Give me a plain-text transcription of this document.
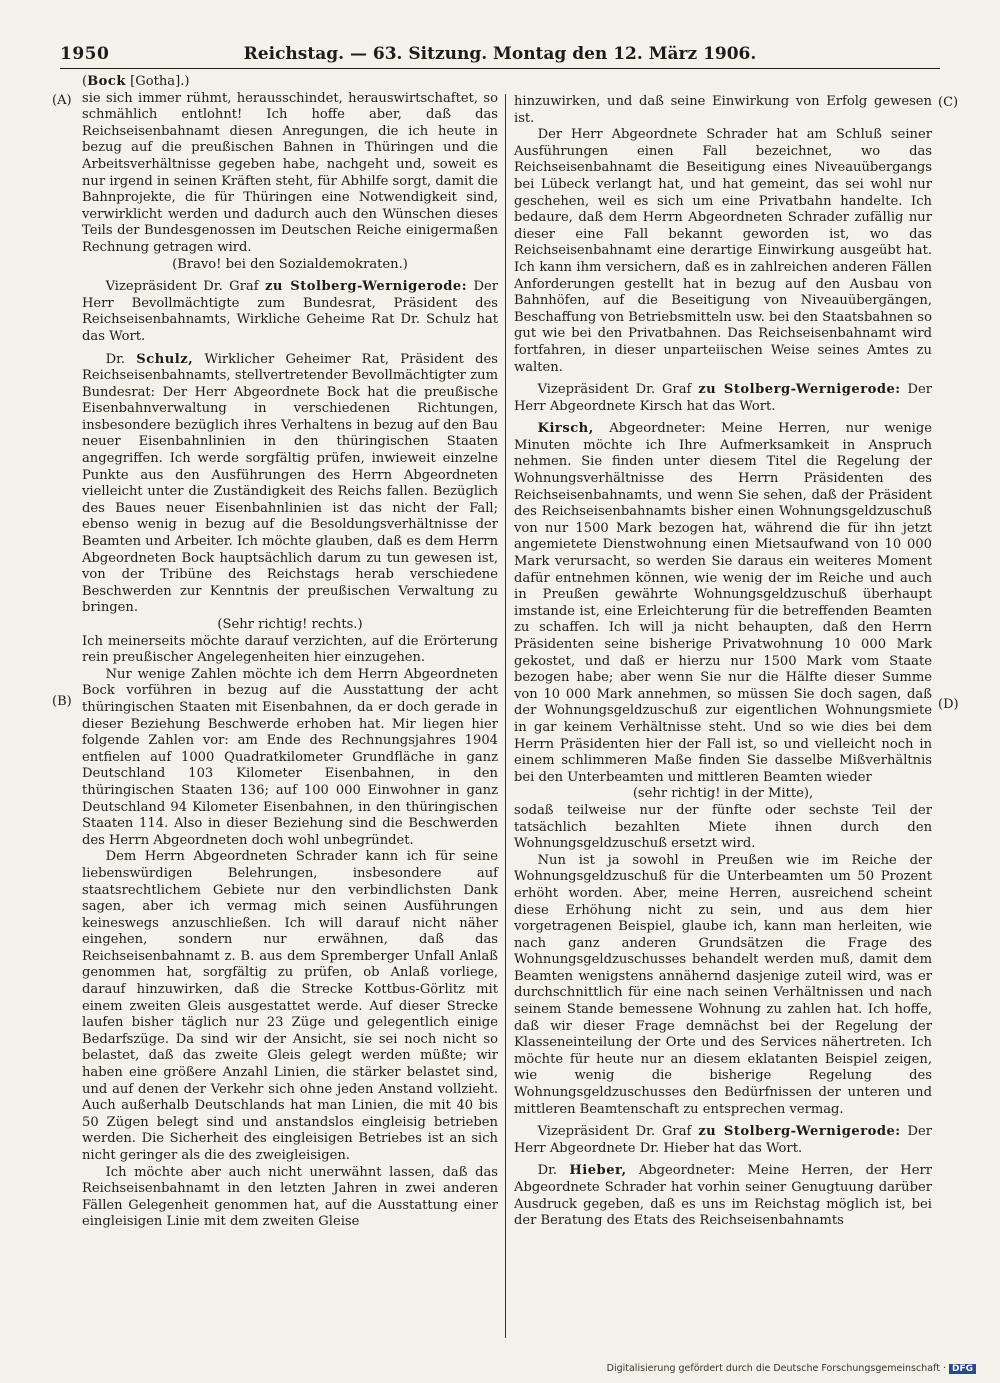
1950	Reichstag. — 63. Sitzung. Montag den 12. März 1906.
(A)
(B)
(C)
(D)

(Bock [Gotha].)

sie sich immer rühmt, herausschindet, herauswirtschaftet, so schmählich entlohnt! Ich hoffe aber, daß das Reichseisenbahnamt diesen Anregungen, die ich heute in bezug auf die preußischen Bahnen in Thüringen und die Arbeitsverhältnisse gegeben habe, nachgeht und, soweit es nur irgend in seinen Kräften steht, für Abhilfe sorgt, damit die Bahnprojekte, die für Thüringen eine Notwendigkeit sind, verwirklicht werden und dadurch auch den Wünschen dieses Teils der Bundesgenossen im Deutschen Reiche einigermaßen Rechnung getragen wird.

(Bravo! bei den Sozialdemokraten.)

Vizepräsident Dr. Graf zu Stolberg-Wernigerode: Der Herr Bevollmächtigte zum Bundesrat, Präsident des Reichseisenbahnamts, Wirkliche Geheime Rat Dr. Schulz hat das Wort.

Dr. Schulz, Wirklicher Geheimer Rat, Präsident des Reichseisenbahnamts, stellvertretender Bevollmächtigter zum Bundesrat: Der Herr Abgeordnete Bock hat die preußische Eisenbahnverwaltung in verschiedenen Richtungen, insbesondere bezüglich ihres Verhaltens in bezug auf den Bau neuer Eisenbahnlinien in den thüringischen Staaten angegriffen. Ich werde sorgfältig prüfen, inwieweit einzelne Punkte aus den Ausführungen des Herrn Abgeordneten vielleicht unter die Zuständigkeit des Reichs fallen. Bezüglich des Baues neuer Eisenbahnlinien ist das nicht der Fall; ebenso wenig in bezug auf die Besoldungsverhältnisse der Beamten und Arbeiter. Ich möchte glauben, daß es dem Herrn Abgeordneten Bock hauptsächlich darum zu tun gewesen ist, von der Tribüne des Reichstags herab verschiedene Beschwerden zur Kenntnis der preußischen Verwaltung zu bringen.

(Sehr richtig! rechts.)

Ich meinerseits möchte darauf verzichten, auf die Erörterung rein preußischer Angelegenheiten hier einzugehen.

Nur wenige Zahlen möchte ich dem Herrn Abgeordneten Bock vorführen in bezug auf die Ausstattung der acht thüringischen Staaten mit Eisenbahnen, da er doch gerade in dieser Beziehung Beschwerde erhoben hat. Mir liegen hier folgende Zahlen vor: am Ende des Rechnungsjahres 1904 entfielen auf 1000 Quadratkilometer Grundfläche in ganz Deutschland 103 Kilometer Eisenbahnen, in den thüringischen Staaten 136; auf 100 000 Einwohner in ganz Deutschland 94 Kilometer Eisenbahnen, in den thüringischen Staaten 114. Also in dieser Beziehung sind die Beschwerden des Herrn Abgeordneten doch wohl unbegründet.

Dem Herrn Abgeordneten Schrader kann ich für seine liebenswürdigen Belehrungen, insbesondere auf staatsrechtlichem Gebiete nur den verbindlichsten Dank sagen, aber ich vermag mich seinen Ausführungen keineswegs anzuschließen. Ich will darauf nicht näher eingehen, sondern nur erwähnen, daß das Reichseisenbahnamt z. B. aus dem Spremberger Unfall Anlaß genommen hat, sorgfältig zu prüfen, ob Anlaß vorliege, darauf hinzuwirken, daß die Strecke Kottbus-Görlitz mit einem zweiten Gleis ausgestattet werde. Auf dieser Strecke laufen bisher täglich nur 23 Züge und gelegentlich einige Bedarfszüge. Da sind wir der Ansicht, sie sei noch nicht so belastet, daß das zweite Gleis gelegt werden müßte; wir haben eine größere Anzahl Linien, die stärker belastet sind, und auf denen der Verkehr sich ohne jeden Anstand vollzieht. Auch außerhalb Deutschlands hat man Linien, die mit 40 bis 50 Zügen belegt sind und anstandslos eingleisig betrieben werden. Die Sicherheit des eingleisigen Betriebes ist an sich nicht geringer als die des zweigleisigen.

Ich möchte aber auch nicht unerwähnt lassen, daß das Reichseisenbahnamt in den letzten Jahren in zwei anderen Fällen Gelegenheit genommen hat, auf die Ausstattung einer eingleisigen Linie mit dem zweiten Gleise

hinzuwirken, und daß seine Einwirkung von Erfolg gewesen ist.

Der Herr Abgeordnete Schrader hat am Schluß seiner Ausführungen einen Fall bezeichnet, wo das Reichseisenbahnamt die Beseitigung eines Niveauübergangs bei Lübeck verlangt hat, und hat gemeint, das sei wohl nur geschehen, weil es sich um eine Privatbahn handelte. Ich bedaure, daß dem Herrn Abgeordneten Schrader zufällig nur dieser eine Fall bekannt geworden ist, wo das Reichseisenbahnamt eine derartige Einwirkung ausgeübt hat. Ich kann ihm versichern, daß es in zahlreichen anderen Fällen Anforderungen gestellt hat in bezug auf den Ausbau von Bahnhöfen, auf die Beseitigung von Niveauübergängen, Beschaffung von Betriebsmitteln usw. bei den Staatsbahnen so gut wie bei den Privatbahnen. Das Reichseisenbahnamt wird fortfahren, in dieser unparteiischen Weise seines Amtes zu walten.

Vizepräsident Dr. Graf zu Stolberg-Wernigerode: Der Herr Abgeordnete Kirsch hat das Wort.

Kirsch, Abgeordneter: Meine Herren, nur wenige Minuten möchte ich Ihre Aufmerksamkeit in Anspruch nehmen. Sie finden unter diesem Titel die Regelung der Wohnungsverhältnisse des Herrn Präsidenten des Reichseisenbahnamts, und wenn Sie sehen, daß der Präsident des Reichseisenbahnamts bisher einen Wohnungsgeldzuschuß von nur 1500 Mark bezogen hat, während die für ihn jetzt angemietete Dienstwohnung einen Mietsaufwand von 10 000 Mark verursacht, so werden Sie daraus ein weiteres Moment dafür entnehmen können, wie wenig der im Reiche und auch in Preußen gewährte Wohnungsgeldzuschuß überhaupt imstande ist, eine Erleichterung für die betreffenden Beamten zu schaffen. Ich will ja nicht behaupten, daß den Herrn Präsidenten seine bisherige Privatwohnung 10 000 Mark gekostet, und daß er hierzu nur 1500 Mark vom Staate bezogen habe; aber wenn Sie nur die Hälfte dieser Summe von 10 000 Mark annehmen, so müssen Sie doch sagen, daß der Wohnungsgeldzuschuß zur eigentlichen Wohnungsmiete in gar keinem Verhältnisse steht. Und so wie dies bei dem Herrn Präsidenten hier der Fall ist, so und vielleicht noch in einem schlimmeren Maße finden Sie dasselbe Mißverhältnis bei den Unterbeamten und mittleren Beamten wieder

(sehr richtig! in der Mitte),

sodaß teilweise nur der fünfte oder sechste Teil der tatsächlich bezahlten Miete ihnen durch den Wohnungsgeldzuschuß ersetzt wird.

Nun ist ja sowohl in Preußen wie im Reiche der Wohnungsgeldzuschuß für die Unterbeamten um 50 Prozent erhöht worden. Aber, meine Herren, ausreichend scheint diese Erhöhung nicht zu sein, und aus dem hier vorgetragenen Beispiel, glaube ich, kann man herleiten, wie nach ganz anderen Grundsätzen die Frage des Wohnungsgeldzuschusses behandelt werden muß, damit dem Beamten wenigstens annähernd dasjenige zuteil wird, was er durchschnittlich für eine nach seinen Verhältnissen und nach seinem Stande bemessene Wohnung zu zahlen hat. Ich hoffe, daß wir dieser Frage demnächst bei der Regelung der Klasseneinteilung der Orte und des Services nähertreten. Ich möchte für heute nur an diesem eklatanten Beispiel zeigen, wie wenig die bisherige Regelung des Wohnungsgeldzuschusses den Bedürfnissen der unteren und mittleren Beamtenschaft zu entsprechen vermag.

Vizepräsident Dr. Graf zu Stolberg-Wernigerode: Der Herr Abgeordnete Dr. Hieber hat das Wort.

Dr. Hieber, Abgeordneter: Meine Herren, der Herr Abgeordnete Schrader hat vorhin seiner Genugtuung darüber Ausdruck gegeben, daß es uns im Reichstag möglich ist, bei der Beratung des Etats des Reichseisenbahnamts

Digitalisierung gefördert durch die Deutsche Forschungsgemeinschaft · DFG
